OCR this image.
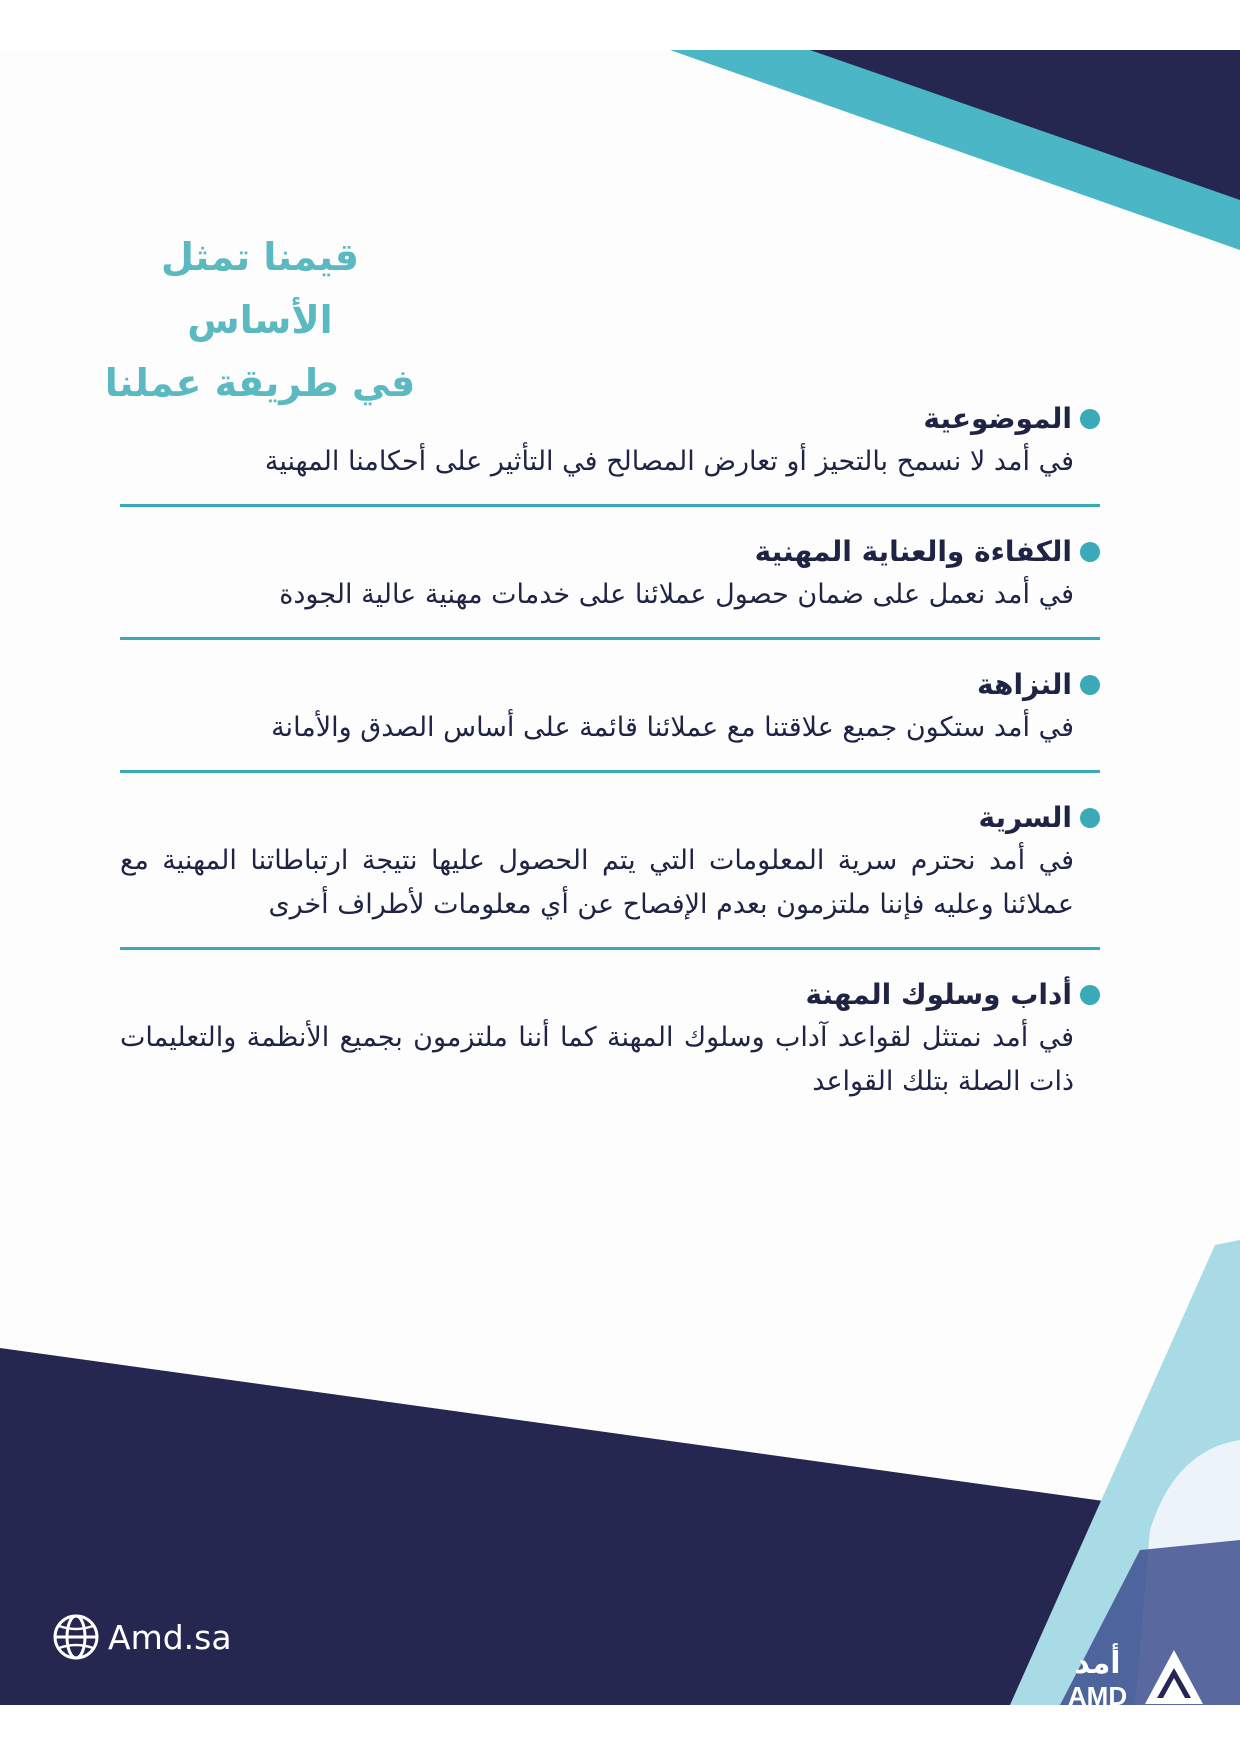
قيمنا تمثل الأساس
في طريقة عملنا
الموضوعية
في أمد لا نسمح بالتحيز أو تعارض المصالح في التأثير على أحكامنا المهنية
الكفاءة والعناية المهنية
في أمد نعمل على ضمان حصول عملائنا على خدمات مهنية عالية الجودة
النزاهة
في أمد ستكون جميع علاقتنا مع عملائنا قائمة على أساس الصدق والأمانة
السرية
في أمد نحترم سرية المعلومات التي يتم الحصول عليها نتيجة ارتباطاتنا المهنية مع عملائنا وعليه فإننا ملتزمون بعدم الإفصاح عن أي معلومات لأطراف أخرى
أداب وسلوك المهنة
في أمد نمتثل لقواعد آداب وسلوك المهنة كما أننا ملتزمون بجميع الأنظمة والتعليمات ذات الصلة بتلك القواعد
Amd.sa
أمد
AMD
